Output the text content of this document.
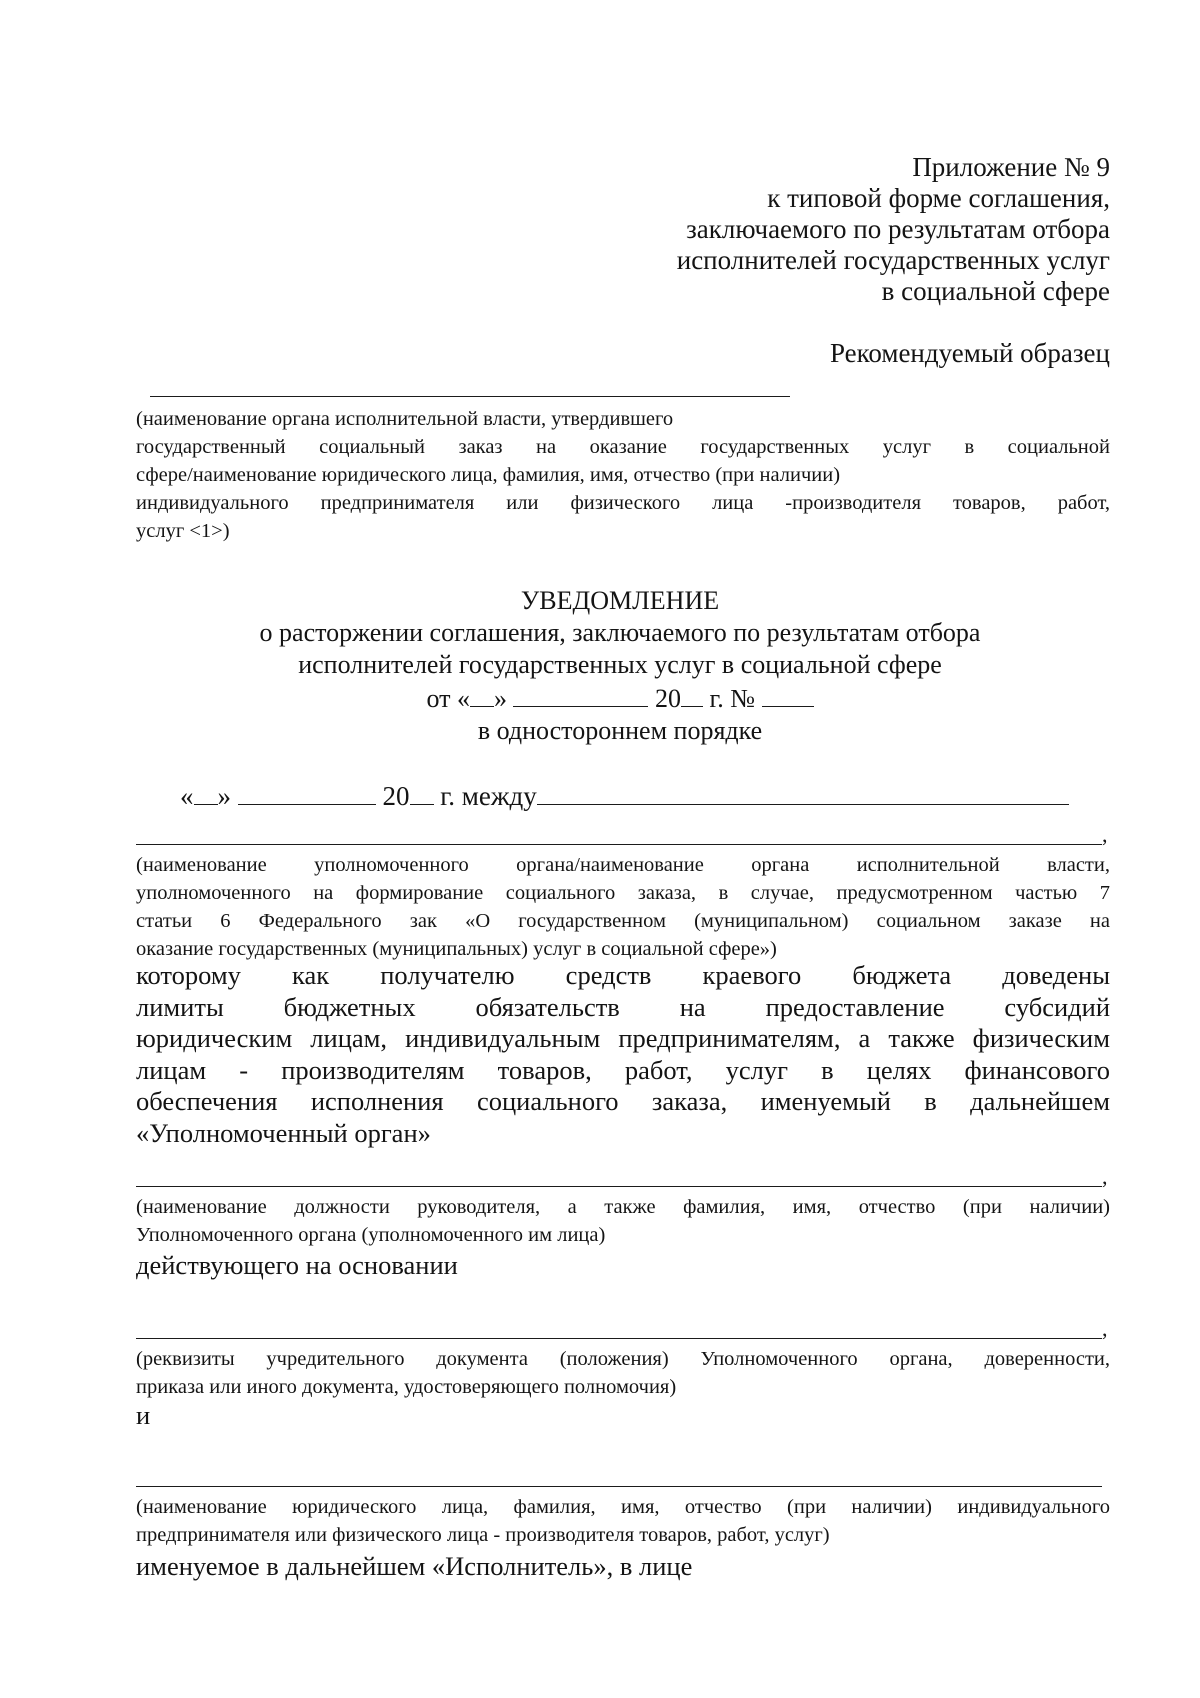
Приложение № 9
к типовой форме соглашения,
заключаемого по результатам отбора
исполнителей государственных услуг
в социальной сфере
Рекомендуемый образец

(наименование органа исполнительной власти, утвердившего

государственный социальный заказ на оказание государственных услуг в социальной

сфере/наименование юридического лица, фамилия, имя, отчество (при наличии)

индивидуального предпринимателя или физического лица -производителя товаров, работ,

услуг <1>)

УВЕДОМЛЕНИЕ
о расторжении соглашения, заключаемого по результатам отбора
исполнителей государственных услуг в социальной сфере
от « »	20 г. №
в одностороннем порядке
« »	20 г. между
,

(наименование уполномоченного органа/наименование органа исполнительной власти,

уполномоченного на формирование социального заказа, в случае, предусмотренном частью 7

статьи 6 Федерального зак «О государственном (муниципальном) социальном заказе на

оказание государственных (муниципальных) услуг в социальной сфере»)

которому как получателю средств краевого бюджета доведены

лимиты бюджетных обязательств на предоставление субсидий

юридическим лицам, индивидуальным предпринимателям, а также физическим

лицам - производителям товаров, работ, услуг в целях финансового

обеспечения исполнения социального заказа, именуемый в дальнейшем

«Уполномоченный орган»

,

(наименование должности руководителя, а также фамилия, имя, отчество (при наличии)

Уполномоченного органа (уполномоченного им лица)

действующего на основании
,

(реквизиты учредительного документа (положения) Уполномоченного органа, доверенности,

приказа или иного документа, удостоверяющего полномочия)

и

(наименование юридического лица, фамилия, имя, отчество (при наличии) индивидуального

предпринимателя или физического лица - производителя товаров, работ, услуг)

именуемое в дальнейшем «Исполнитель», в лице
